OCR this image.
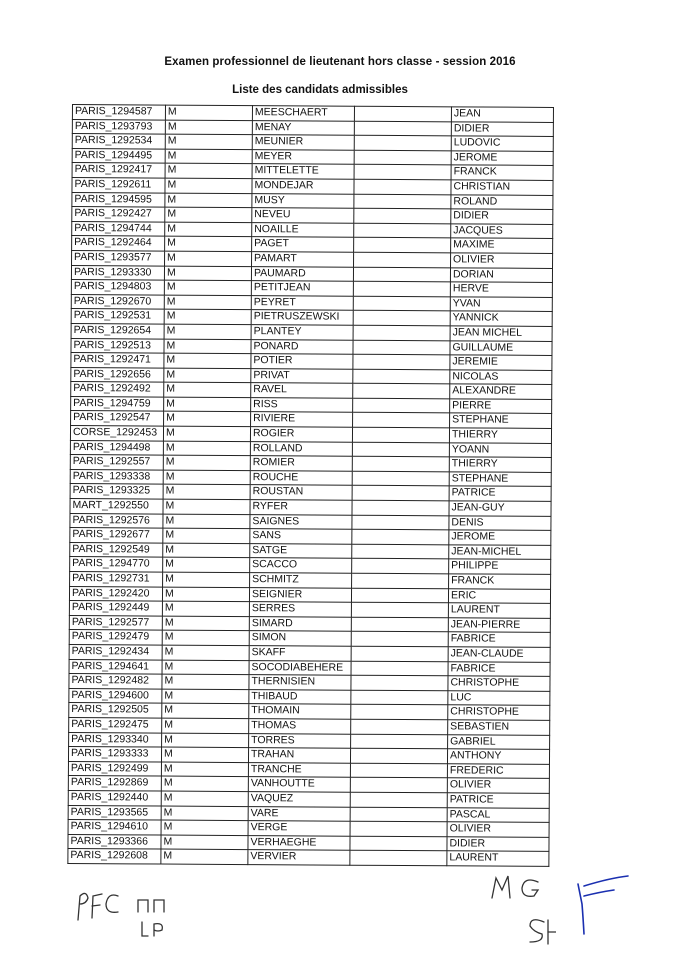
Examen professionnel de lieutenant hors classe - session 2016
Liste des candidats admissibles
PARIS_1294587	M	MEESCHAERT		JEAN
PARIS_1293793	M	MENAY		DIDIER
PARIS_1292534	M	MEUNIER		LUDOVIC
PARIS_1294495	M	MEYER		JEROME
PARIS_1292417	M	MITTELETTE		FRANCK
PARIS_1292611	M	MONDEJAR		CHRISTIAN
PARIS_1294595	M	MUSY		ROLAND
PARIS_1292427	M	NEVEU		DIDIER
PARIS_1294744	M	NOAILLE		JACQUES
PARIS_1292464	M	PAGET		MAXIME
PARIS_1293577	M	PAMART		OLIVIER
PARIS_1293330	M	PAUMARD		DORIAN
PARIS_1294803	M	PETITJEAN		HERVE
PARIS_1292670	M	PEYRET		YVAN
PARIS_1292531	M	PIETRUSZEWSKI		YANNICK
PARIS_1292654	M	PLANTEY		JEAN MICHEL
PARIS_1292513	M	PONARD		GUILLAUME
PARIS_1292471	M	POTIER		JEREMIE
PARIS_1292656	M	PRIVAT		NICOLAS
PARIS_1292492	M	RAVEL		ALEXANDRE
PARIS_1294759	M	RISS		PIERRE
PARIS_1292547	M	RIVIERE		STEPHANE
CORSE_1292453	M	ROGIER		THIERRY
PARIS_1294498	M	ROLLAND		YOANN
PARIS_1292557	M	ROMIER		THIERRY
PARIS_1293338	M	ROUCHE		STEPHANE
PARIS_1293325	M	ROUSTAN		PATRICE
MART_1292550	M	RYFER		JEAN-GUY
PARIS_1292576	M	SAIGNES		DENIS
PARIS_1292677	M	SANS		JEROME
PARIS_1292549	M	SATGE		JEAN-MICHEL
PARIS_1294770	M	SCACCO		PHILIPPE
PARIS_1292731	M	SCHMITZ		FRANCK
PARIS_1292420	M	SEIGNIER		ERIC
PARIS_1292449	M	SERRES		LAURENT
PARIS_1292577	M	SIMARD		JEAN-PIERRE
PARIS_1292479	M	SIMON		FABRICE
PARIS_1292434	M	SKAFF		JEAN-CLAUDE
PARIS_1294641	M	SOCODIABEHERE		FABRICE
PARIS_1292482	M	THERNISIEN		CHRISTOPHE
PARIS_1294600	M	THIBAUD		LUC
PARIS_1292505	M	THOMAIN		CHRISTOPHE
PARIS_1292475	M	THOMAS		SEBASTIEN
PARIS_1293340	M	TORRES		GABRIEL
PARIS_1293333	M	TRAHAN		ANTHONY
PARIS_1292499	M	TRANCHE		FREDERIC
PARIS_1292869	M	VANHOUTTE		OLIVIER
PARIS_1292440	M	VAQUEZ		PATRICE
PARIS_1293565	M	VARE		PASCAL
PARIS_1294610	M	VERGE		OLIVIER
PARIS_1293366	M	VERHAEGHE		DIDIER
PARIS_1292608	M	VERVIER		LAURENT
